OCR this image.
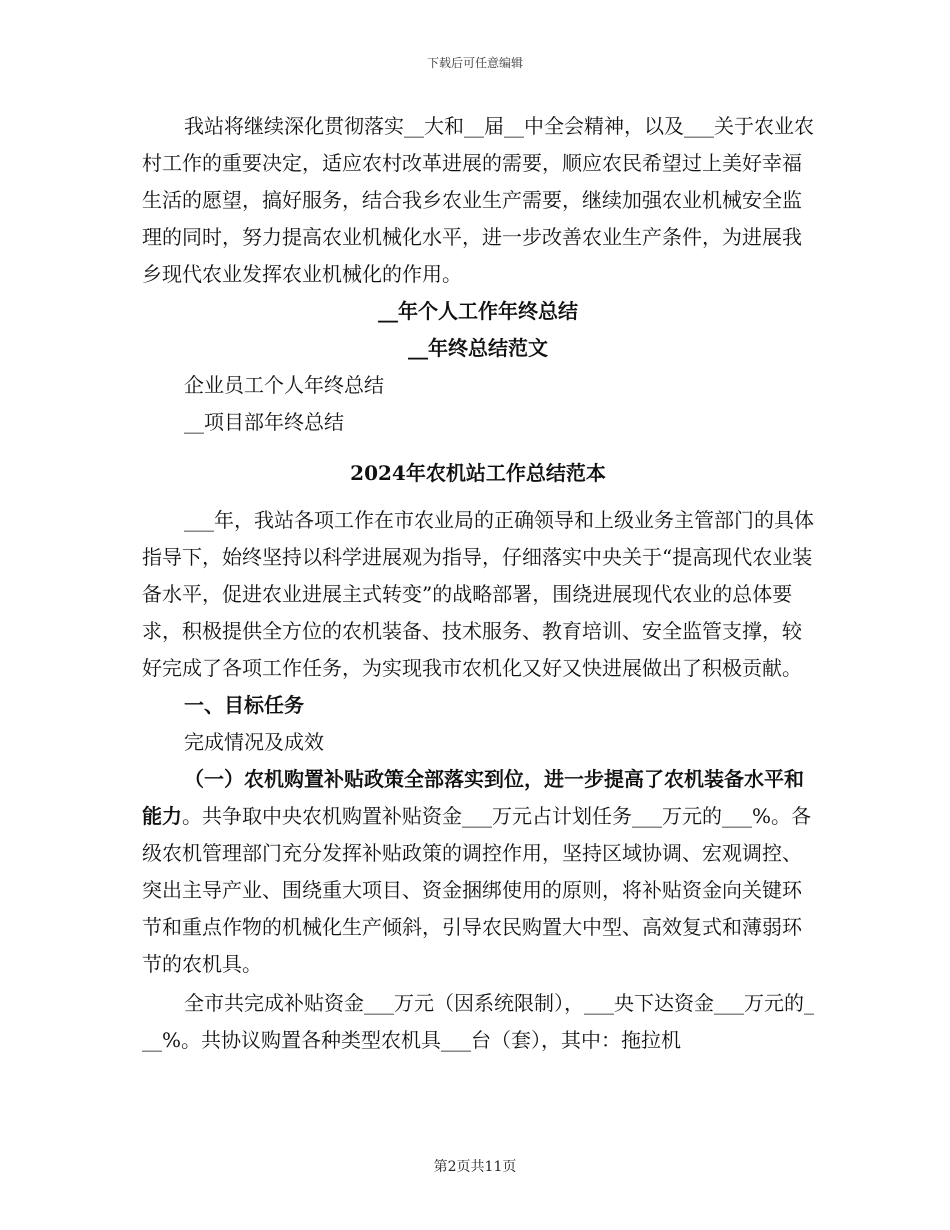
下载后可任意编辑

我站将继续深化贯彻落实__大和__届__中全会精神，以及___关于农业农村工作的重要决定，适应农村改革进展的需要，顺应农民希望过上美好幸福生活的愿望，搞好服务，结合我乡农业生产需要，继续加强农业机械安全监理的同时，努力提高农业机械化水平，进一步改善农业生产条件，为进展我乡现代农业发挥农业机械化的作用。

__年个人工作年终总结

__年终总结范文

企业员工个人年终总结

__项目部年终总结

2024年农机站工作总结范本

___年，我站各项工作在市农业局的正确领导和上级业务主管部门的具体指导下，始终坚持以科学进展观为指导，仔细落实中央关于“提高现代农业装备水平，促进农业进展主式转变”的战略部署，围绕进展现代农业的总体要求，积极提供全方位的农机装备、技术服务、教育培训、安全监管支撑，较好完成了各项工作任务，为实现我市农机化又好又快进展做出了积极贡献。

一、目标任务

完成情况及成效

（一）农机购置补贴政策全部落实到位，进一步提高了农机装备水平和能力。共争取中央农机购置补贴资金___万元占计划任务___万元的___%。各级农机管理部门充分发挥补贴政策的调控作用，坚持区域协调、宏观调控、突出主导产业、围绕重大项目、资金捆绑使用的原则，将补贴资金向关键环节和重点作物的机械化生产倾斜，引导农民购置大中型、高效复式和薄弱环节的农机具。

全市共完成补贴资金___万元（因系统限制），___央下达资金___万元的___%。共协议购置各种类型农机具___台（套），其中：拖拉机

第2页共11页
